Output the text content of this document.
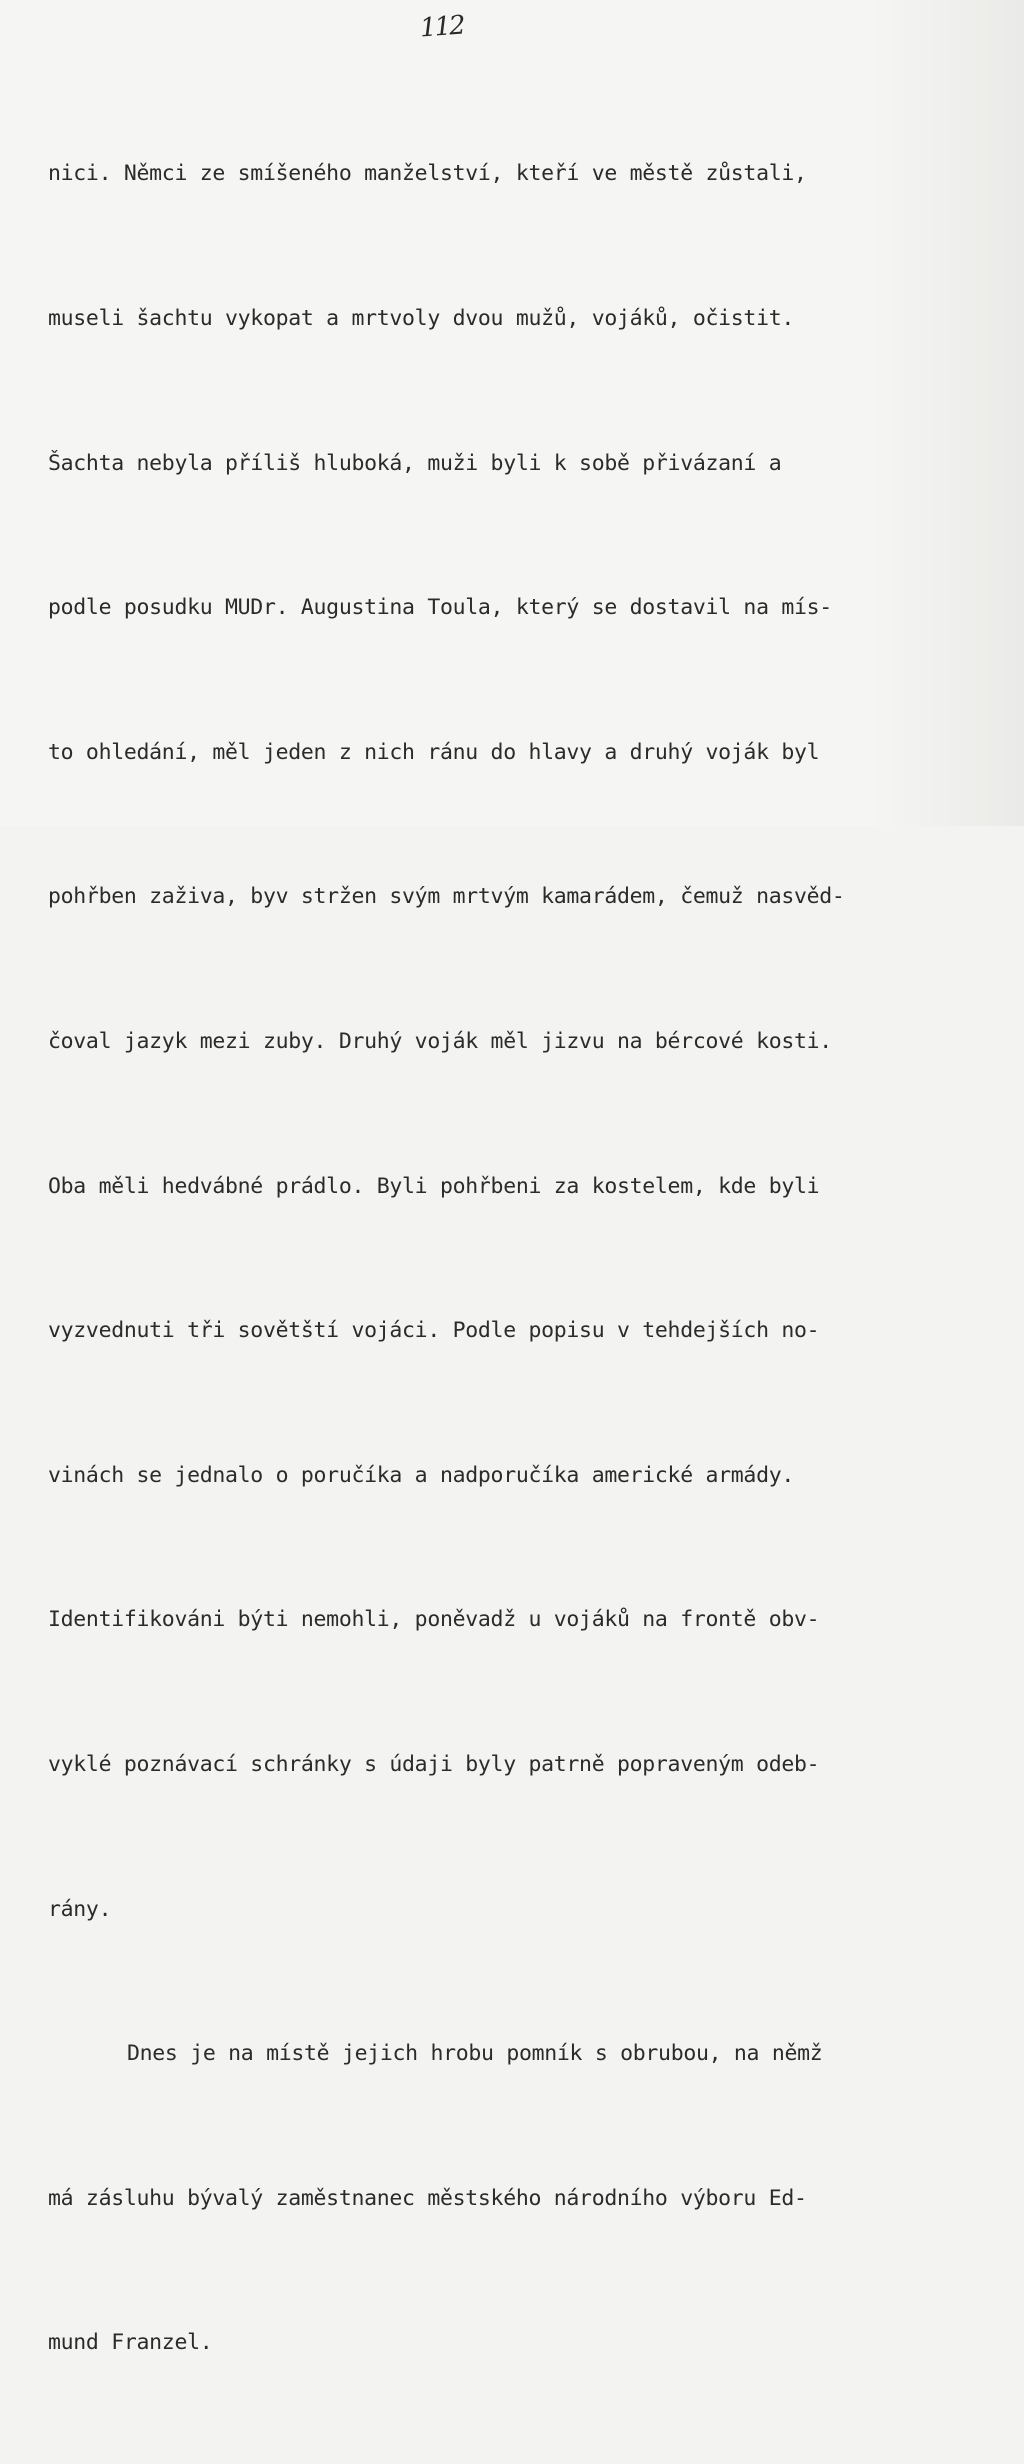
112

nici. Němci ze smíšeného manželství, kteří ve městě zůstali,

museli šachtu vykopat a mrtvoly dvou mužů, vojáků, očistit.

Šachta nebyla příliš hluboká, muži byli k sobě přivázaní a

podle posudku MUDr. Augustina Toula, který se dostavil na mís-

to ohledání, měl jeden z nich ránu do hlavy a druhý voják byl

pohřben zaživa, byv stržen svým mrtvým kamarádem, čemuž nasvěd-

čoval jazyk mezi zuby. Druhý voják měl jizvu na bércové kosti.

Oba měli hedvábné prádlo. Byli pohřbeni za kostelem, kde byli

vyzvednuti tři sovětští vojáci. Podle popisu v tehdejších no-

vinách se jednalo o poručíka a nadporučíka americké armády.

Identifikováni býti nemohli, poněvadž u vojáků na frontě obv-

vyklé poznávací schránky s údaji byly patrně popraveným odeb-

rány.

Dnes je na místě jejich hrobu pomník s obrubou, na němž

má zásluhu bývalý zaměstnanec městského národního výboru Ed-

mund Franzel.
